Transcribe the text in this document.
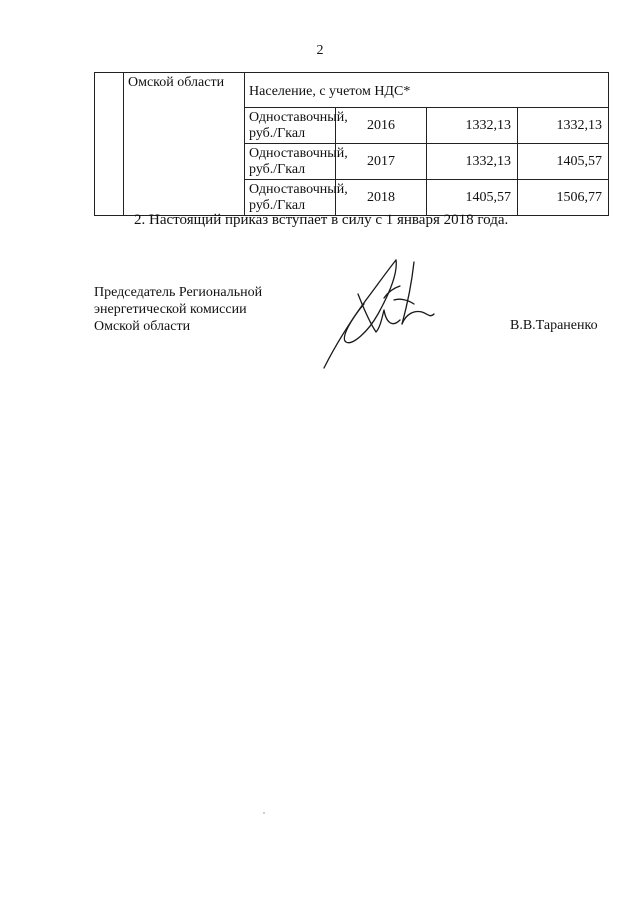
2
	Омской области	Население, с учетом НДС*			
		Одноставочный, руб./Гкал	2016	1332,13	1332,13
		Одноставочный, руб./Гкал	2017	1332,13	1405,57
		Одноставочный, руб./Гкал	2018	1405,57	1506,77
2. Настоящий приказ вступает в силу с 1 января 2018 года.
Председатель Региональной
энергетической комиссии
Омской области	В.В.Тараненко
